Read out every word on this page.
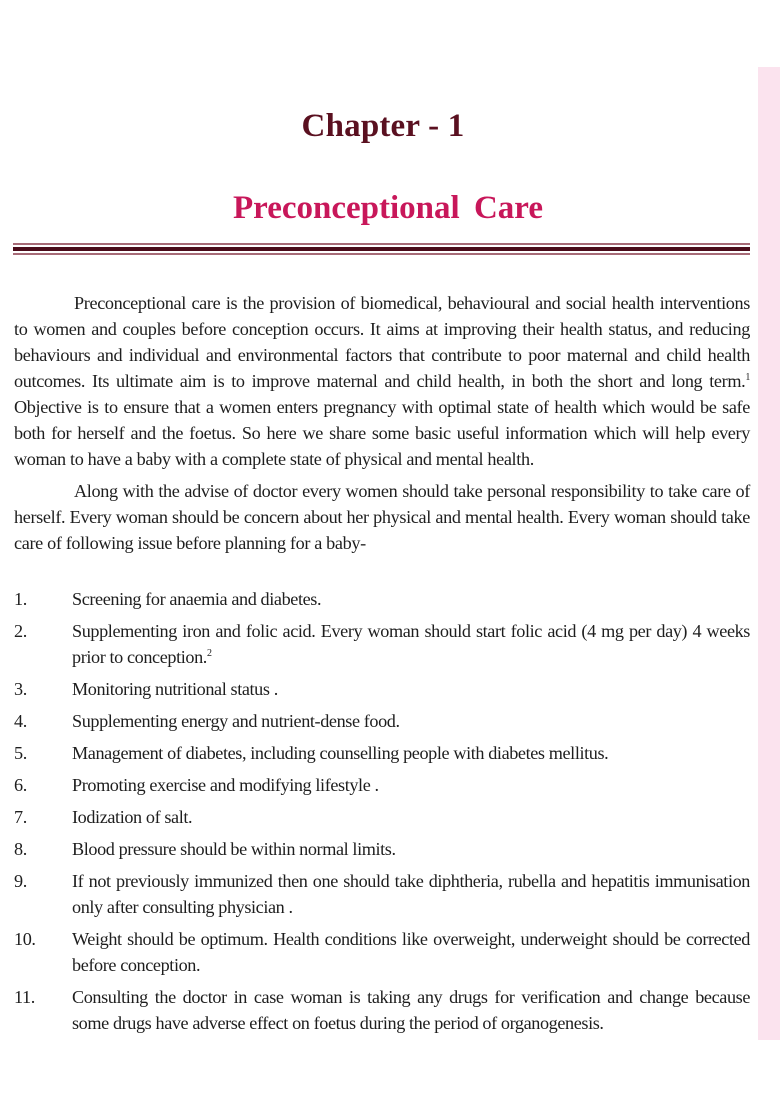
Chapter - 1
Preconceptional Care

Preconceptional care is the provision of biomedical, behavioural and social health interventions to women and couples before conception occurs. It aims at improving their health status, and reducing behaviours and individual and environmental factors that contribute to poor maternal and child health outcomes. Its ultimate aim is to improve maternal and child health, in both the short and long term.$^1$ Objective is to ensure that a women enters pregnancy with optimal state of health which would be safe both for herself and the foetus. So here we share some basic useful information which will help every woman to have a baby with a complete state of physical and mental health.

Along with the advise of doctor every women should take personal responsibility to take care of herself. Every woman should be concern about her physical and mental health. Every woman should take care of following issue before planning for a baby-

1.	Screening for anaemia and diabetes.
2.	Supplementing iron and folic acid. Every woman should start folic acid (4 mg per day) 4 weeks prior to conception.$^2$
3.	Monitoring nutritional status .
4.	Supplementing energy and nutrient-dense food.
5.	Management of diabetes, including counselling people with diabetes mellitus.
6.	Promoting exercise and modifying lifestyle .
7.	Iodization of salt.
8.	Blood pressure should be within normal limits.
9.	If not previously immunized then one should take diphtheria, rubella and hepatitis immunisation only after consulting physician .
10.	Weight should be optimum. Health conditions like overweight, underweight should be corrected before conception.
11.	Consulting the doctor in case woman is taking any drugs for verification and change because some drugs have adverse effect on foetus during the period of organogenesis.
